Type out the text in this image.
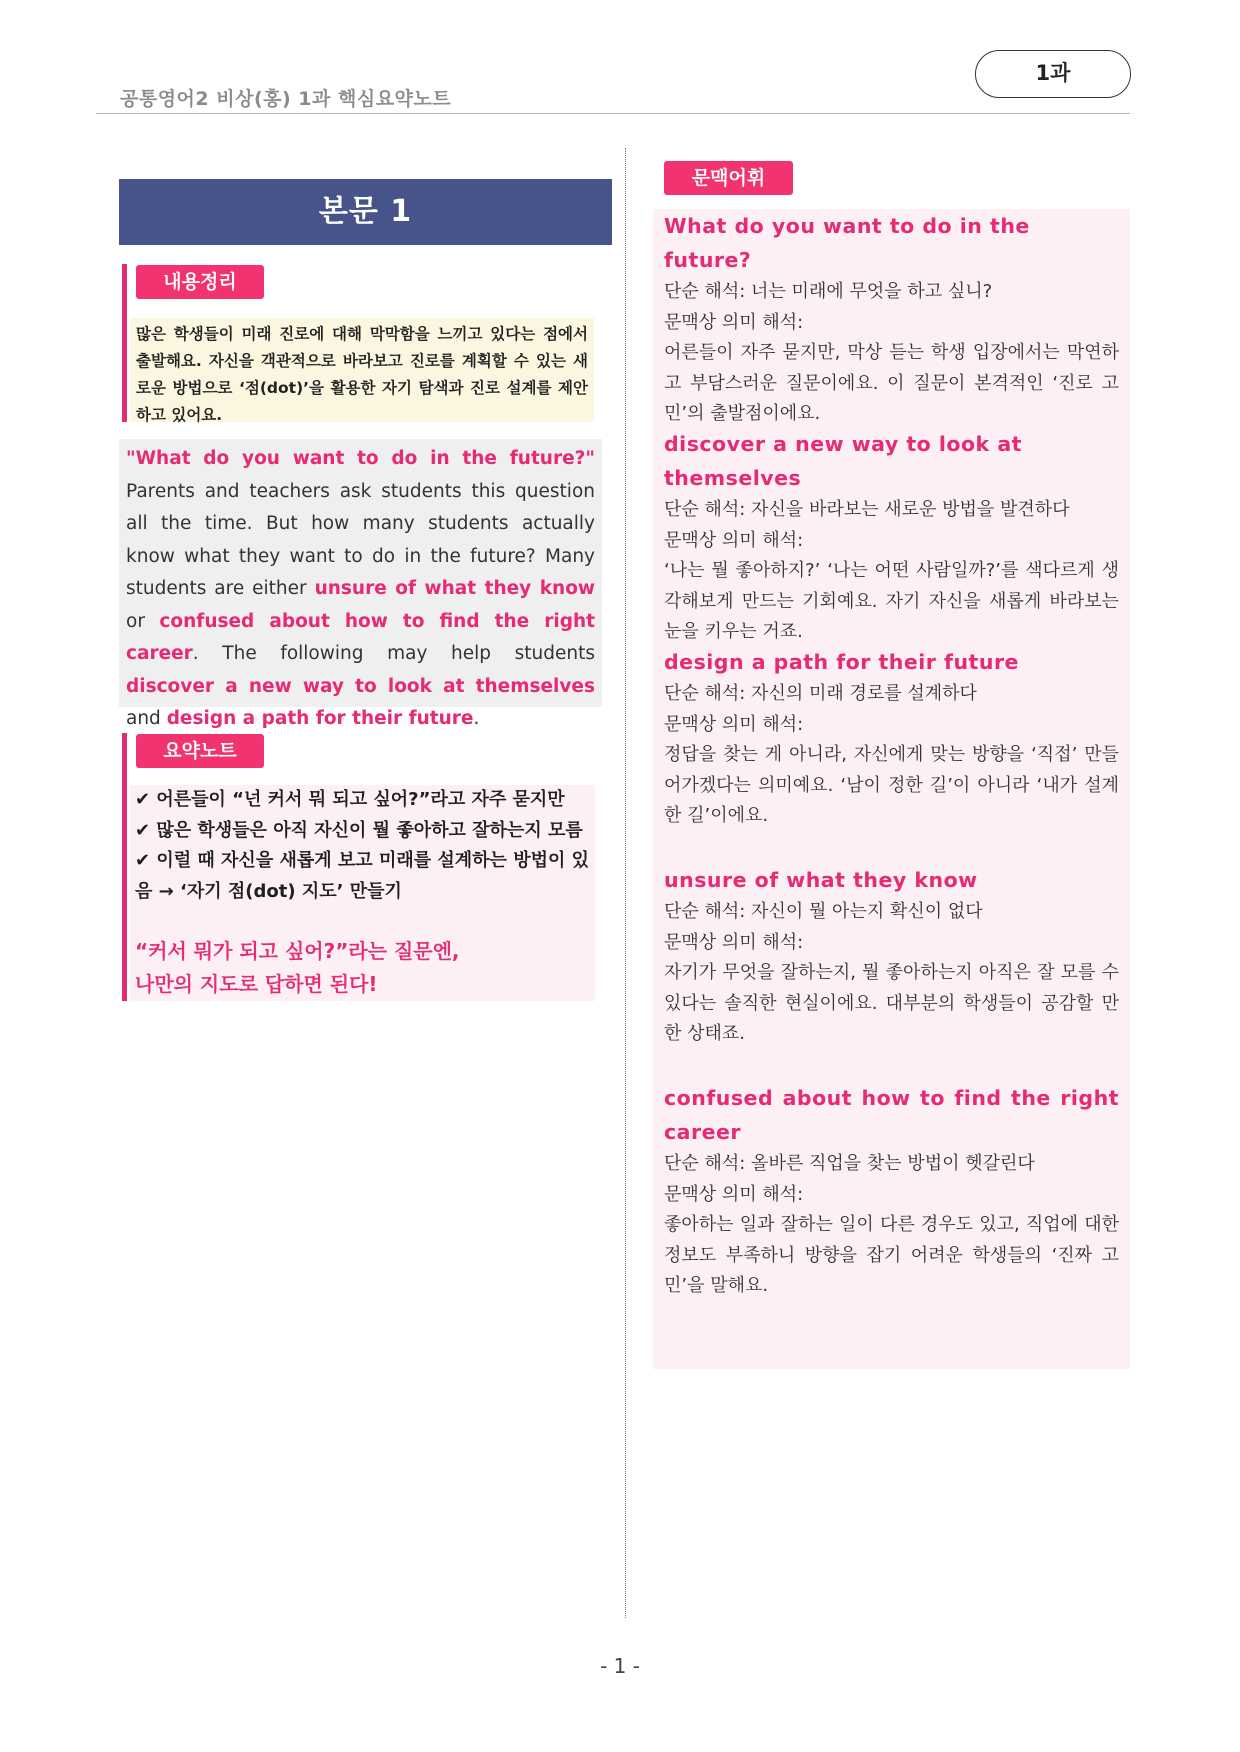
공통영어2 비상(홍) 1과 핵심요약노트
1과
본문 1
내용정리
많은 학생들이 미래 진로에 대해 막막함을 느끼고 있다는 점에서 출발해요. 자신을 객관적으로 바라보고 진로를 계획할 수 있는 새로운 방법으로 ‘점(dot)’을 활용한 자기 탐색과 진로 설계를 제안하고 있어요.
"What do you want to do in the future?" Parents and teachers ask students this question all the time. But how many students actually know what they want to do in the future? Many students are either unsure of what they know or confused about how to find the right career. The following may help students discover a new way to look at themselves and design a path for their future.
요약노트
✔ 어른들이 “넌 커서 뭐 되고 싶어?”라고 자주 묻지만
✔ 많은 학생들은 아직 자신이 뭘 좋아하고 잘하는지 모름
✔ 이럴 때 자신을 새롭게 보고 미래를 설계하는 방법이 있음 → ‘자기 점(dot) 지도’ 만들기
“커서 뭐가 되고 싶어?”라는 질문엔,
나만의 지도로 답하면 된다!
문맥어휘
What do you want to do in the future?
단순 해석: 너는 미래에 무엇을 하고 싶니?
문맥상 의미 해석:
어른들이 자주 묻지만, 막상 듣는 학생 입장에서는 막연하고 부담스러운 질문이에요. 이 질문이 본격적인 ‘진로 고민’의 출발점이에요.
discover a new way to look at themselves
단순 해석: 자신을 바라보는 새로운 방법을 발견하다
문맥상 의미 해석:
‘나는 뭘 좋아하지?’ ‘나는 어떤 사람일까?’를 색다르게 생각해보게 만드는 기회예요. 자기 자신을 새롭게 바라보는 눈을 키우는 거죠.
design a path for their future
단순 해석: 자신의 미래 경로를 설계하다
문맥상 의미 해석:
정답을 찾는 게 아니라, 자신에게 맞는 방향을 ‘직접’ 만들어가겠다는 의미예요. ‘남이 정한 길’이 아니라 ‘내가 설계한 길’이에요.
unsure of what they know
단순 해석: 자신이 뭘 아는지 확신이 없다
문맥상 의미 해석:
자기가 무엇을 잘하는지, 뭘 좋아하는지 아직은 잘 모를 수 있다는 솔직한 현실이에요. 대부분의 학생들이 공감할 만한 상태죠.
confused about how to find the right career
단순 해석: 올바른 직업을 찾는 방법이 헷갈린다
문맥상 의미 해석:
좋아하는 일과 잘하는 일이 다른 경우도 있고, 직업에 대한 정보도 부족하니 방향을 잡기 어려운 학생들의 ‘진짜 고민’을 말해요.
- 1 -
